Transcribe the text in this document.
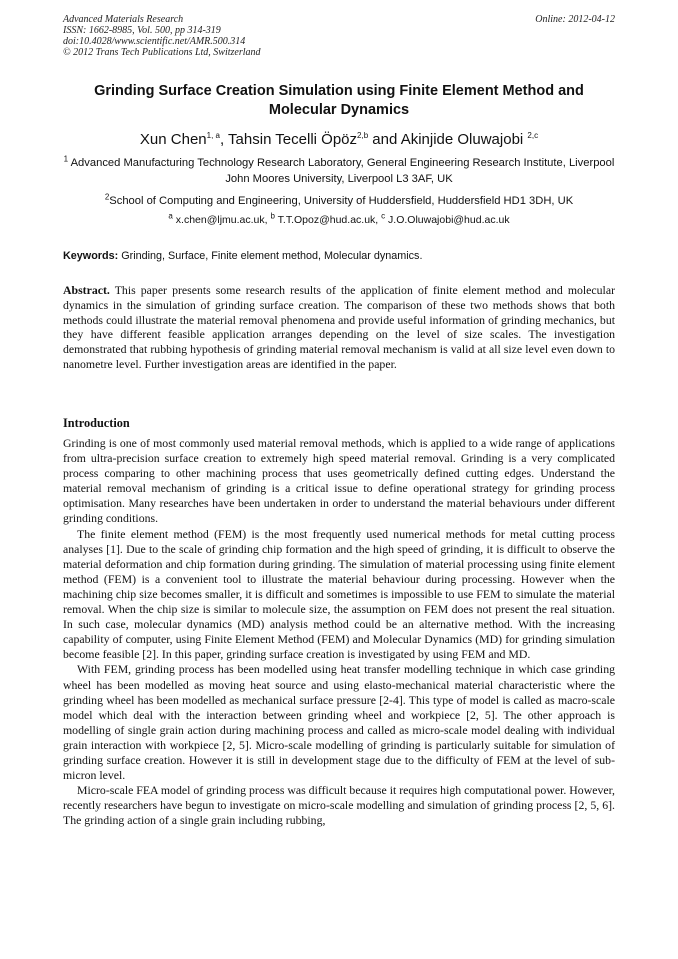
Advanced Materials Research
ISSN: 1662-8985, Vol. 500, pp 314-319
doi:10.4028/www.scientific.net/AMR.500.314
© 2012 Trans Tech Publications Ltd, Switzerland
Online: 2012-04-12
Grinding Surface Creation Simulation using Finite Element Method and Molecular Dynamics
Xun Chen$^{1, a}$, Tahsin Tecelli Öpöz$^{2,b}$ and Akinjide Oluwajobi $^{2,c}$
$^1$ Advanced Manufacturing Technology Research Laboratory, General Engineering Research Institute, Liverpool John Moores University, Liverpool L3 3AF, UK
$^2$School of Computing and Engineering, University of Huddersfield, Huddersfield HD1 3DH, UK
$^a$ x.chen@ljmu.ac.uk, $^b$ T.T.Opoz@hud.ac.uk, $^c$ J.O.Oluwajobi@hud.ac.uk
Keywords: Grinding, Surface, Finite element method, Molecular dynamics.
Abstract. This paper presents some research results of the application of finite element method and molecular dynamics in the simulation of grinding surface creation. The comparison of these two methods shows that both methods could illustrate the material removal phenomena and provide useful information of grinding mechanics, but they have different feasible application arranges depending on the level of size scales. The investigation demonstrated that rubbing hypothesis of grinding material removal mechanism is valid at all size level even down to nanometre level. Further investigation areas are identified in the paper.
Introduction

Grinding is one of most commonly used material removal methods, which is applied to a wide range of applications from ultra-precision surface creation to extremely high speed material removal. Grinding is a very complicated process comparing to other machining process that uses geometrically defined cutting edges. Understand the material removal mechanism of grinding is a critical issue to define operational strategy for grinding process optimisation. Many researches have been undertaken in order to understand the material behaviours under different grinding conditions.

The finite element method (FEM) is the most frequently used numerical methods for metal cutting process analyses [1]. Due to the scale of grinding chip formation and the high speed of grinding, it is difficult to observe the material deformation and chip formation during grinding. The simulation of material processing using finite element method (FEM) is a convenient tool to illustrate the material behaviour during processing. However when the machining chip size becomes smaller, it is difficult and sometimes is impossible to use FEM to simulate the material removal. When the chip size is similar to molecule size, the assumption on FEM does not present the real situation. In such case, molecular dynamics (MD) analysis method could be an alternative method. With the increasing capability of computer, using Finite Element Method (FEM) and Molecular Dynamics (MD) for grinding simulation become feasible [2]. In this paper, grinding surface creation is investigated by using FEM and MD.

With FEM, grinding process has been modelled using heat transfer modelling technique in which case grinding wheel has been modelled as moving heat source and using elasto-mechanical material characteristic where the grinding wheel has been modelled as mechanical surface pressure [2-4]. This type of model is called as macro-scale model which deal with the interaction between grinding wheel and workpiece [2, 5]. The other approach is modelling of single grain action during machining process and called as micro-scale model dealing with individual grain interaction with workpiece [2, 5]. Micro-scale modelling of grinding is particularly suitable for simulation of grinding surface creation. However it is still in development stage due to the difficulty of FEM at the level of sub-micron level.

Micro-scale FEA model of grinding process was difficult because it requires high computational power. However, recently researchers have begun to investigate on micro-scale modelling and simulation of grinding process [2, 5, 6]. The grinding action of a single grain including rubbing,
